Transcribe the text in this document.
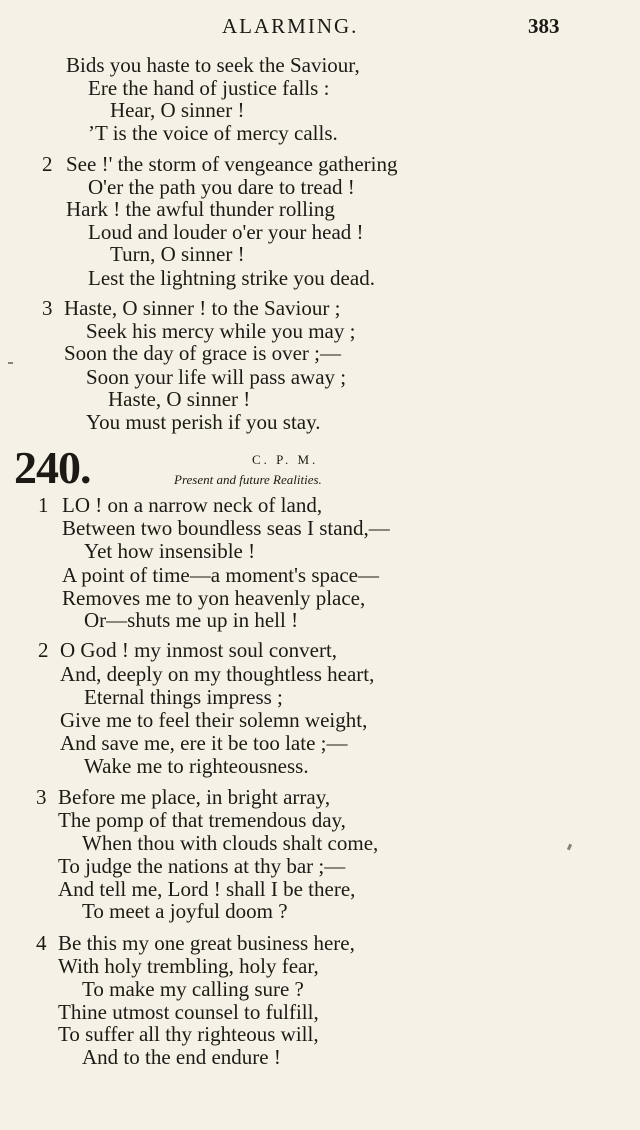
ALARMING.	383
Bids you haste to seek the Saviour,
Ere the hand of justice falls :
Hear, O sinner !
’T is the voice of mercy calls.
2 See !' the storm of vengeance gathering
O'er the path you dare to tread !
Hark ! the awful thunder rolling
Loud and louder o'er your head !
Turn, O sinner !
Lest the lightning strike you dead.
3 Haste, O sinner ! to the Saviour ;
Seek his mercy while you may ;
Soon the day of grace is over ;—
Soon your life will pass away ;
Haste, O sinner !
You must perish if you stay.
240.	C. P. M.
Present and future Realities.
1 LO ! on a narrow neck of land,
Between two boundless seas I stand,—
Yet how insensible !
A point of time—a moment's space—
Removes me to yon heavenly place,
Or—shuts me up in hell !
2 O God ! my inmost soul convert,
And, deeply on my thoughtless heart,
Eternal things impress ;
Give me to feel their solemn weight,
And save me, ere it be too late ;—
Wake me to righteousness.
3 Before me place, in bright array,
The pomp of that tremendous day,
When thou with clouds shalt come,
To judge the nations at thy bar ;—
And tell me, Lord ! shall I be there,
To meet a joyful doom ?
4 Be this my one great business here,
With holy trembling, holy fear,
To make my calling sure ?
Thine utmost counsel to fulfill,
To suffer all thy righteous will,
And to the end endure !
